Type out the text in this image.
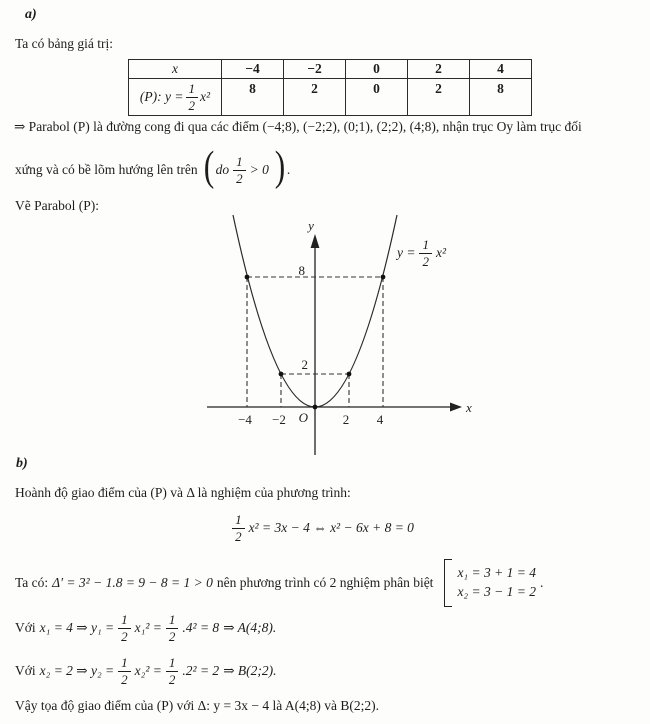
a)
Ta có bảng giá trị:
x	−4	−2	0	2	4

(P): $y = \frac{1}{2} x^2$	8	2	0	2	8
⇒ Parabol (P) là đường cong đi qua các điểm (−4;8), (−2;2), (0;1), (2;2), (4;8), nhận trục Oy làm trục đối
xứng và có bề lõm hướng lên trên ( do $\frac{1}{2} > 0$ ) .
Vẽ Parabol (P):
y
x
O
−4 −2	2 4
8
2
$y = \frac{1}{2} x^2$
b)
Hoành độ giao điểm của (P) và Δ là nghiệm của phương trình:
$\frac{1}{2} x^2 = 3x - 4$ ⇔ x² − 6x + 8 = 0
Ta có: Δ′ = 3² − 1.8 = 9 − 8 = 1 > 0 nên phương trình có 2 nghiệm phân biệt
x₁ = 3 + 1 = 4
x₂ = 3 − 1 = 2
.
Với x₁ = 4 ⇒ $y_1 = \frac{1}{2} x_1^2 = \frac{1}{2} .4^2 = 8$ ⇒ A(4;8).
Với x₂ = 2 ⇒ $y_2 = \frac{1}{2} x_2^2 = \frac{1}{2} .2^2 = 2$ ⇒ B(2;2).
Vậy tọa độ giao điểm của (P) với Δ: y = 3x − 4 là A(4;8) và B(2;2).
